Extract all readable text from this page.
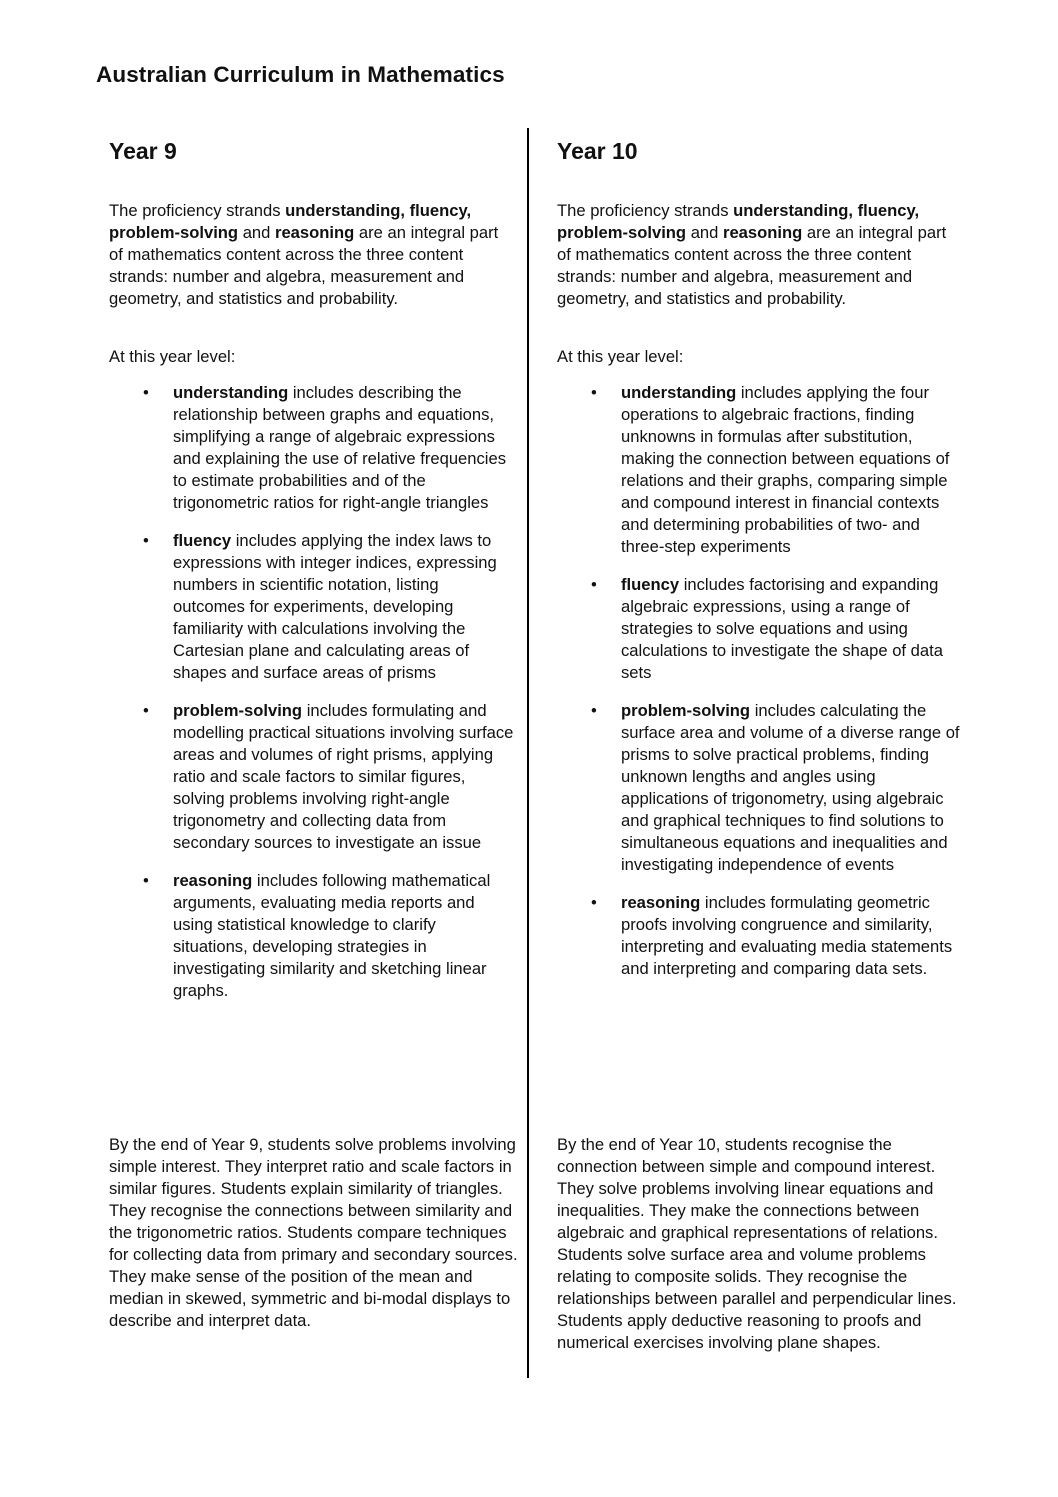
Australian Curriculum in Mathematics
Year 9

The proficiency strands understanding, fluency, problem-solving and reasoning are an integral part of mathematics content across the three content strands: number and algebra, measurement and geometry, and statistics and probability.

At this year level:

• understanding includes describing the relationship between graphs and equations, simplifying a range of algebraic expressions and explaining the use of relative frequencies to estimate probabilities and of the trigonometric ratios for right-angle triangles
• fluency includes applying the index laws to expressions with integer indices, expressing numbers in scientific notation, listing outcomes for experiments, developing familiarity with calculations involving the Cartesian plane and calculating areas of shapes and surface areas of prisms
• problem-solving includes formulating and modelling practical situations involving surface areas and volumes of right prisms, applying ratio and scale factors to similar figures, solving problems involving right-angle trigonometry and collecting data from secondary sources to investigate an issue
• reasoning includes following mathematical arguments, evaluating media reports and using statistical knowledge to clarify situations, developing strategies in investigating similarity and sketching linear graphs.

By the end of Year 9, students solve problems involving simple interest. They interpret ratio and scale factors in similar figures. Students explain similarity of triangles. They recognise the connections between similarity and the trigonometric ratios. Students compare techniques for collecting data from primary and secondary sources. They make sense of the position of the mean and median in skewed, symmetric and bi-modal displays to describe and interpret data.

Year 10

The proficiency strands understanding, fluency, problem-solving and reasoning are an integral part of mathematics content across the three content strands: number and algebra, measurement and geometry, and statistics and probability.

At this year level:

• understanding includes applying the four operations to algebraic fractions, finding unknowns in formulas after substitution, making the connection between equations of relations and their graphs, comparing simple and compound interest in financial contexts and determining probabilities of two- and three-step experiments
• fluency includes factorising and expanding algebraic expressions, using a range of strategies to solve equations and using calculations to investigate the shape of data sets
• problem-solving includes calculating the surface area and volume of a diverse range of prisms to solve practical problems, finding unknown lengths and angles using applications of trigonometry, using algebraic and graphical techniques to find solutions to simultaneous equations and inequalities and investigating independence of events
• reasoning includes formulating geometric proofs involving congruence and similarity, interpreting and evaluating media statements and interpreting and comparing data sets.

By the end of Year 10, students recognise the connection between simple and compound interest. They solve problems involving linear equations and inequalities. They make the connections between algebraic and graphical representations of relations. Students solve surface area and volume problems relating to composite solids. They recognise the relationships between parallel and perpendicular lines. Students apply deductive reasoning to proofs and numerical exercises involving plane shapes.
